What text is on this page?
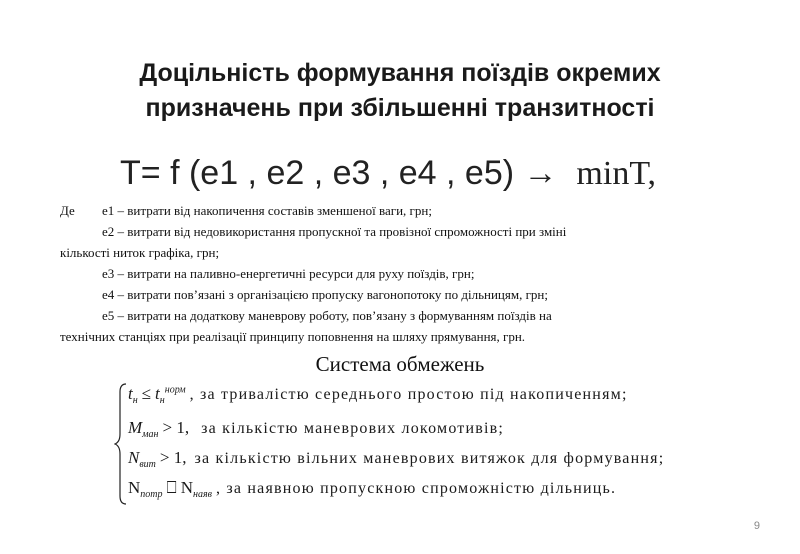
Доцільність формування поїздів окремих
призначень при збільшенні транзитності
T= f (e1 , e2 , e3 , e4 , e5) → minT,
Де е1 – витрати від накопичення составів зменшеної ваги, грн;
е2 – витрати від недовикористання пропускної та провізної спроможності при зміні
кількості ниток графіка, грн;
е3 – витрати на паливно-енергетичні ресурси для руху поїздів, грн;
е4 – витрати пов’язані з організацією пропуску вагонопотоку по дільницям, грн;
е5 – витрати на додаткову маневрову роботу, пов’язану з формуванням поїздів на
технічних станціях при реалізації принципу поповнення на шляху прямування, грн.
Система обмежень
$t_н \le t_н^{норм}$ , за тривалістю середнього простою під накопиченням;
$M_{ман} > 1$, за кількістю маневрових локомотивів;
$N_{вит} > 1$, за кількістю вільних маневрових витяжок для формування;
$N_{потр}$ ⎕ $N_{наяв}$ , за наявною пропускною спроможністю дільниць.
9
